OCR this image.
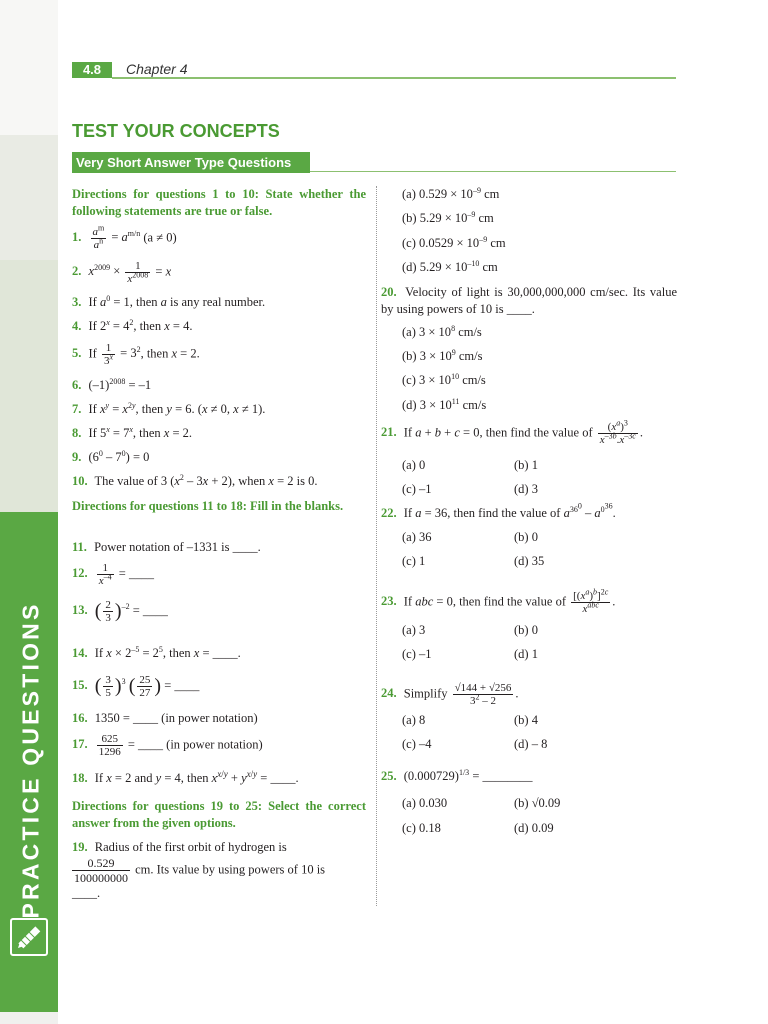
PRACTICE QUESTIONS
4.8	Chapter 4
TEST YOUR CONCEPTS
Very Short Answer Type Questions
Directions for questions 1 to 10: State whether the following statements are true or false.
1. $\frac{a^m}{a^n} = a^{m/n}$ (a ≠ 0)
2. $x^{2009} \times \frac{1}{x^{2008}} = x$
3. If $a^0 = 1$, then a is any real number.
4. If $2^x = 4^2$, then x = 4.
5. If $\frac{1}{3^x} = 3^2$, then x = 2.
6. $(-1)^{2008} = -1$
7. If $x^y = x^{2y}$, then y = 6. (x ≠ 0, x ≠ 1).
8. If $5^x = 7^x$, then x = 2.
9. $(6^0 - 7^0) = 0$
10. The value of 3 $(x^2 - 3x + 2)$, when x = 2 is 0.
Directions for questions 11 to 18: Fill in the blanks.
11. Power notation of –1331 is ____.
12. $\frac{1}{x^{-4}}$ = ____
13. ( $\frac{2}{3} )^{-2}$ = ____
14. If $x \times 2^{-5} = 2^5$, then x = ____.
15. ( $\frac{3}{5} )^3$ ( $\frac{25}{27}$ ) = ____
16. 1350 = ____ (in power notation)
17. $\frac{625}{1296}$ = ____ (in power notation)
18. If x = 2 and y = 4, then $x^{x/y} + y^{x/y}$ = ____.
Directions for questions 19 to 25: Select the correct answer from the given options.
19. Radius of the first orbit of hydrogen is

$\frac{0.529}{100000000}$ cm. Its value by using powers of 10 is
____.
(a) $0.529 \times 10^{-9}$ cm
(b) $5.29 \times 10^{-9}$ cm
(c) $0.0529 \times 10^{-9}$ cm
(d) $5.29 \times 10^{-10}$ cm
20. Velocity of light is 30,000,000,000 cm/sec. Its value by using powers of 10 is ____.
(a) $3 \times 10^8$ cm/s
(b) $3 \times 10^9$ cm/s
(c) $3 \times 10^{10}$ cm/s
(d) $3 \times 10^{11}$ cm/s
21. If a + b + c = 0, then find the value of $\frac{(x^a)^3}{x^{-3b}.x^{-3c}}$ .
(a) 0	(b) 1
(c) –1	(d) 3
22. If a = 36, then find the value of $a^{36^0} - a^{0^{36}}$.
(a) 36	(b) 0
(c) 1	(d) 35
23. If abc = 0, then find the value of $\frac{[(x^a)^b]^{2c}}{x^{abc}}$ .
(a) 3	(b) 0
(c) –1	(d) 1
24. Simplify $\frac{√144 + √256}{3^2 - 2}$ .
(a) 8	(b) 4
(c) –4	(d) – 8
25. $(0.000729)^{1/3}$ = ________
(a) 0.030	(b) √0.09
(c) 0.18	(d) 0.09
